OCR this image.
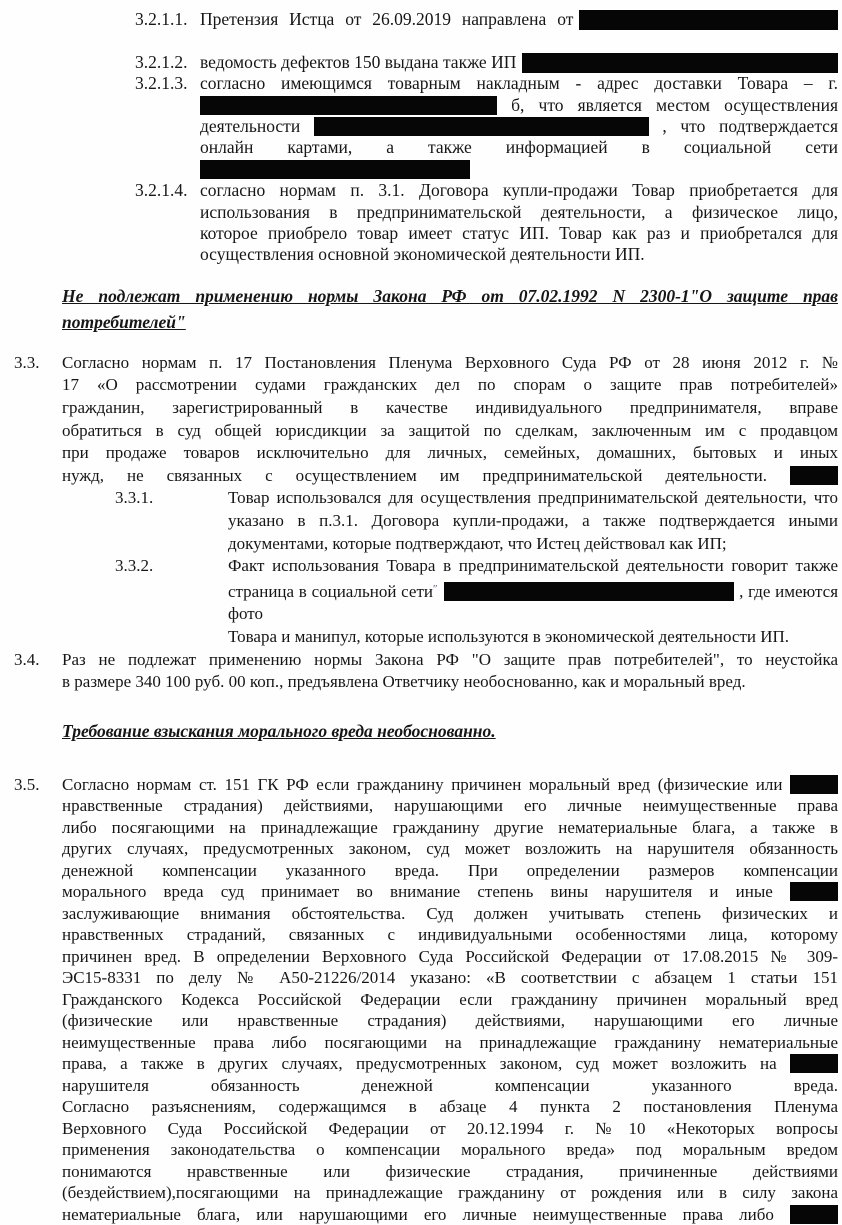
3.2.1.1. Претензия Истца от 26.09.2019 направлена от
3.2.1.2. ведомость дефектов 150 выдана также ИП
3.2.1.3. согласно имеющимся товарным накладным - адрес доставки Товара – г.
б, что является местом осуществления
деятельности	, что подтверждается
онлайн картами, а также информацией в социальной сети
3.2.1.4. согласно нормам п. 3.1. Договора купли-продажи Товар приобретается для
использования в предпринимательской деятельности, а физическое лицо,
которое приобрело товар имеет статус ИП. Товар как раз и приобретался для
осуществления основной экономической деятельности ИП.
Не подлежат применению нормы Закона РФ от 07.02.1992 N 2300-1"О защите прав
потребителей"
3.3. Согласно нормам п. 17 Постановления Пленума Верховного Суда РФ от 28 июня 2012 г. №
17 «О рассмотрении судами гражданских дел по спорам о защите прав потребителей»
гражданин, зарегистрированный в качестве индивидуального предпринимателя, вправе
обратиться в суд общей юрисдикции за защитой по сделкам, заключенным им с продавцом
при продаже товаров исключительно для личных, семейных, домашних, бытовых и иных
нужд, не связанных с осуществлением им предпринимательской деятельности.
3.3.1.	Товар использовался для осуществления предпринимательской деятельности, что
указано в п.3.1. Договора купли-продажи, а также подтверждается иными
документами, которые подтверждают, что Истец действовал как ИП;
3.3.2.	Факт использования Товара в предпринимательской деятельности говорит также
страница в социальной сети″	, где имеются фото
Товара и манипул, которые используются в экономической деятельности ИП.
3.4. Раз не подлежат применению нормы Закона РФ "О защите прав потребителей", то неустойка
в размере 340 100 руб. 00 коп., предъявлена Ответчику необоснованно, как и моральный вред.
Требование взыскания морального вреда необоснованно.
3.5. Согласно нормам ст. 151 ГК РФ если гражданину причинен моральный вред (физические или
нравственные страдания) действиями, нарушающими его личные неимущественные права
либо посягающими на принадлежащие гражданину другие нематериальные блага, а также в
других случаях, предусмотренных законом, суд может возложить на нарушителя обязанность
денежной компенсации указанного вреда. При определении размеров компенсации
морального вреда суд принимает во внимание степень вины нарушителя и иные
заслуживающие внимания обстоятельства. Суд должен учитывать степень физических и
нравственных страданий, связанных с индивидуальными особенностями лица, которому
причинен вред. В определении Верховного Суда Российской Федерации от 17.08.2015 № 309-
ЭС15-8331 по делу № А50-21226/2014 указано: «В соответствии с абзацем 1 статьи 151
Гражданского Кодекса Российской Федерации если гражданину причинен моральный вред
(физические или нравственные страдания) действиями, нарушающими его личные
неимущественные права либо посягающими на принадлежащие гражданину нематериальные
права, а также в других случаях, предусмотренных законом, суд может возложить на
нарушителя обязанность денежной компенсации указанного вреда.
Согласно разъяснениям, содержащимся в абзаце 4 пункта 2 постановления Пленума
Верховного Суда Российской Федерации от 20.12.1994 г. №10 «Некоторых вопросы
применения законодательства о компенсации морального вреда» под моральным вредом
понимаются нравственные или физические страдания, причиненные действиями
(бездействием),посягающими на принадлежащие гражданину от рождения или в силу закона
нематериальные блага, или нарушающими его личные неимущественные права либо
